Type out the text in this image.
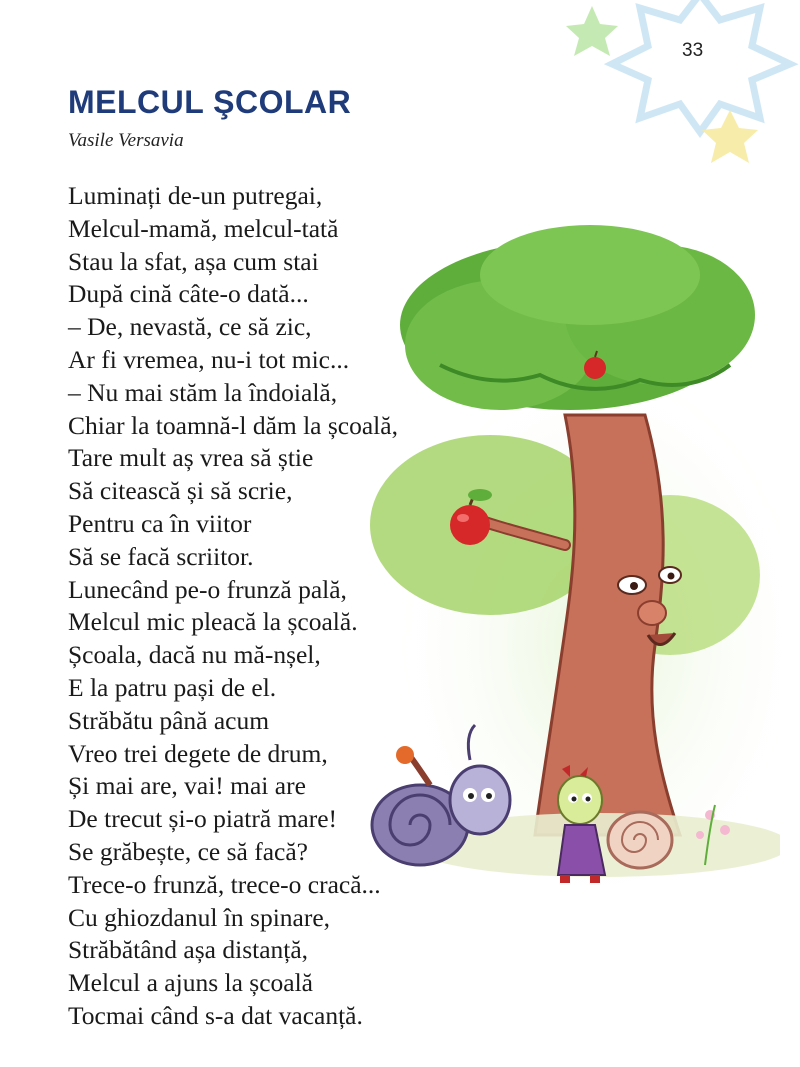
33
MELCUL ŞCOLAR
Vasile Versavia
Luminați de-un putregai,
Melcul-mamă, melcul-tată
Stau la sfat, așa cum stai
După cină câte-o dată...
– De, nevastă, ce să zic,
Ar fi vremea, nu-i tot mic...
– Nu mai stăm la îndoială,
Chiar la toamnă-l dăm la școală,
Tare mult aș vrea să știe
Să citească și să scrie,
Pentru ca în viitor
Să se facă scriitor.
Lunecând pe-o frunză pală,
Melcul mic pleacă la școală.
Școala, dacă nu mă-nșel,
E la patru pași de el.
Străbătu până acum
Vreo trei degete de drum,
Și mai are, vai! mai are
De trecut și-o piatră mare!
Se grăbește, ce să facă?
Trece-o frunză, trece-o cracă...
Cu ghiozdanul în spinare,
Străbătând așa distanță,
Melcul a ajuns la școală
Tocmai când s-a dat vacanță.
